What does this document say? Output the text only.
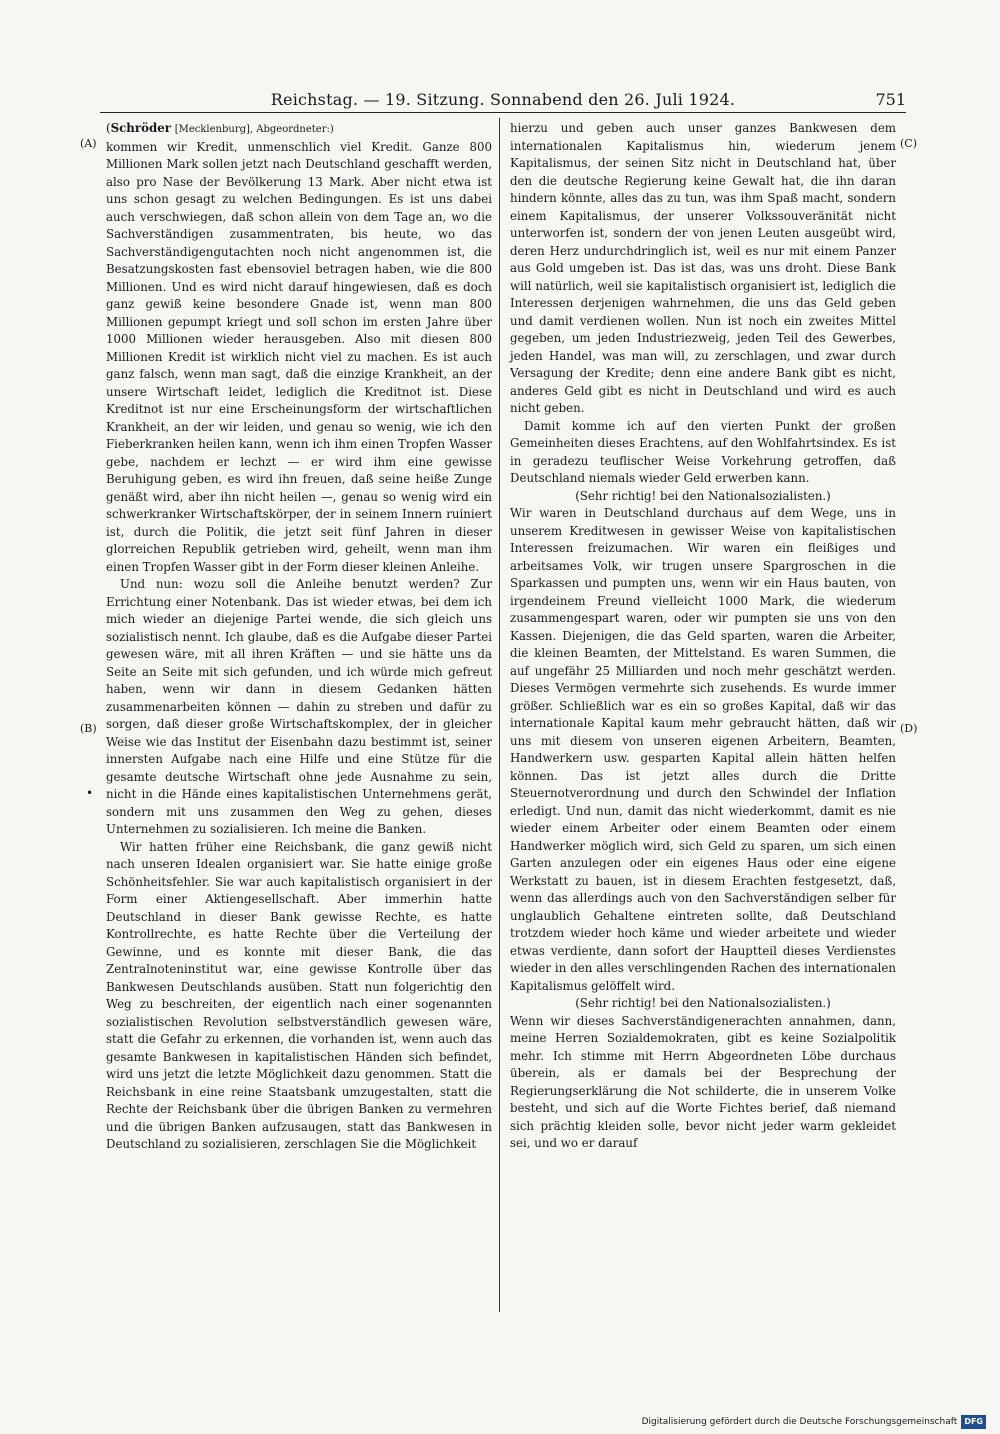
Reichstag. — 19. Sitzung. Sonnabend den 26. Juli 1924.	751
(A)
(B)
(C)
(D)
•

(Schröder [Mecklenburg], Abgeordneter:)

kommen wir Kredit, unmenschlich viel Kredit. Ganze 800 Millionen Mark sollen jetzt nach Deutschland geschafft werden, also pro Nase der Bevölkerung 13 Mark. Aber nicht etwa ist uns schon gesagt zu welchen Bedingungen. Es ist uns dabei auch verschwiegen, daß schon allein von dem Tage an, wo die Sachverständigen zusammentraten, bis heute, wo das Sachverständigengutachten noch nicht angenommen ist, die Besatzungskosten fast ebensoviel betragen haben, wie die 800 Millionen. Und es wird nicht darauf hingewiesen, daß es doch ganz gewiß keine besondere Gnade ist, wenn man 800 Millionen gepumpt kriegt und soll schon im ersten Jahre über 1000 Millionen wieder herausgeben. Also mit diesen 800 Millionen Kredit ist wirklich nicht viel zu machen. Es ist auch ganz falsch, wenn man sagt, daß die einzige Krankheit, an der unsere Wirtschaft leidet, lediglich die Kreditnot ist. Diese Kreditnot ist nur eine Erscheinungsform der wirtschaftlichen Krankheit, an der wir leiden, und genau so wenig, wie ich den Fieberkranken heilen kann, wenn ich ihm einen Tropfen Wasser gebe, nachdem er lechzt — er wird ihm eine gewisse Beruhigung geben, es wird ihn freuen, daß seine heiße Zunge genäßt wird, aber ihn nicht heilen —, genau so wenig wird ein schwerkranker Wirtschaftskörper, der in seinem Innern ruiniert ist, durch die Politik, die jetzt seit fünf Jahren in dieser glorreichen Republik getrieben wird, geheilt, wenn man ihm einen Tropfen Wasser gibt in der Form dieser kleinen Anleihe.

Und nun: wozu soll die Anleihe benutzt werden? Zur Errichtung einer Notenbank. Das ist wieder etwas, bei dem ich mich wieder an diejenige Partei wende, die sich gleich uns sozialistisch nennt. Ich glaube, daß es die Aufgabe dieser Partei gewesen wäre, mit all ihren Kräften — und sie hätte uns da Seite an Seite mit sich gefunden, und ich würde mich gefreut haben, wenn wir dann in diesem Gedanken hätten zusammenarbeiten können — dahin zu streben und dafür zu sorgen, daß dieser große Wirtschaftskomplex, der in gleicher Weise wie das Institut der Eisenbahn dazu bestimmt ist, seiner innersten Aufgabe nach eine Hilfe und eine Stütze für die gesamte deutsche Wirtschaft ohne jede Ausnahme zu sein, nicht in die Hände eines kapitalistischen Unternehmens gerät, sondern mit uns zusammen den Weg zu gehen, dieses Unternehmen zu sozialisieren. Ich meine die Banken.

Wir hatten früher eine Reichsbank, die ganz gewiß nicht nach unseren Idealen organisiert war. Sie hatte einige große Schönheitsfehler. Sie war auch kapitalistisch organisiert in der Form einer Aktiengesellschaft. Aber immerhin hatte Deutschland in dieser Bank gewisse Rechte, es hatte Kontrollrechte, es hatte Rechte über die Verteilung der Gewinne, und es konnte mit dieser Bank, die das Zentralnoteninstitut war, eine gewisse Kontrolle über das Bankwesen Deutschlands ausüben. Statt nun folgerichtig den Weg zu beschreiten, der eigentlich nach einer sogenannten sozialistischen Revolution selbstverständlich gewesen wäre, statt die Gefahr zu erkennen, die vorhanden ist, wenn auch das gesamte Bankwesen in kapitalistischen Händen sich befindet, wird uns jetzt die letzte Möglichkeit dazu genommen. Statt die Reichsbank in eine reine Staatsbank umzugestalten, statt die Rechte der Reichsbank über die übrigen Banken zu vermehren und die übrigen Banken aufzusaugen, statt das Bankwesen in Deutschland zu sozialisieren, zerschlagen Sie die Möglichkeit

hierzu und geben auch unser ganzes Bankwesen dem internationalen Kapitalismus hin, wiederum jenem Kapitalismus, der seinen Sitz nicht in Deutschland hat, über den die deutsche Regierung keine Gewalt hat, die ihn daran hindern könnte, alles das zu tun, was ihm Spaß macht, sondern einem Kapitalismus, der unserer Volkssouveränität nicht unterworfen ist, sondern der von jenen Leuten ausgeübt wird, deren Herz undurchdringlich ist, weil es nur mit einem Panzer aus Gold umgeben ist. Das ist das, was uns droht. Diese Bank will natürlich, weil sie kapitalistisch organisiert ist, lediglich die Interessen derjenigen wahrnehmen, die uns das Geld geben und damit verdienen wollen. Nun ist noch ein zweites Mittel gegeben, um jeden Industriezweig, jeden Teil des Gewerbes, jeden Handel, was man will, zu zerschlagen, und zwar durch Versagung der Kredite; denn eine andere Bank gibt es nicht, anderes Geld gibt es nicht in Deutschland und wird es auch nicht geben.

Damit komme ich auf den vierten Punkt der großen Gemeinheiten dieses Erachtens, auf den Wohlfahrtsindex. Es ist in geradezu teuflischer Weise Vorkehrung getroffen, daß Deutschland niemals wieder Geld erwerben kann.

(Sehr richtig! bei den Nationalsozialisten.)

Wir waren in Deutschland durchaus auf dem Wege, uns in unserem Kreditwesen in gewisser Weise von kapitalistischen Interessen freizumachen. Wir waren ein fleißiges und arbeitsames Volk, wir trugen unsere Spargroschen in die Sparkassen und pumpten uns, wenn wir ein Haus bauten, von irgendeinem Freund vielleicht 1000 Mark, die wiederum zusammengespart waren, oder wir pumpten sie uns von den Kassen. Diejenigen, die das Geld sparten, waren die Arbeiter, die kleinen Beamten, der Mittelstand. Es waren Summen, die auf ungefähr 25 Milliarden und noch mehr geschätzt werden. Dieses Vermögen vermehrte sich zusehends. Es wurde immer größer. Schließlich war es ein so großes Kapital, daß wir das internationale Kapital kaum mehr gebraucht hätten, daß wir uns mit diesem von unseren eigenen Arbeitern, Beamten, Handwerkern usw. gesparten Kapital allein hätten helfen können. Das ist jetzt alles durch die Dritte Steuernotverordnung und durch den Schwindel der Inflation erledigt. Und nun, damit das nicht wiederkommt, damit es nie wieder einem Arbeiter oder einem Beamten oder einem Handwerker möglich wird, sich Geld zu sparen, um sich einen Garten anzulegen oder ein eigenes Haus oder eine eigene Werkstatt zu bauen, ist in diesem Erachten festgesetzt, daß, wenn das allerdings auch von den Sachverständigen selber für unglaublich Gehaltene eintreten sollte, daß Deutschland trotzdem wieder hoch käme und wieder arbeitete und wieder etwas verdiente, dann sofort der Hauptteil dieses Verdienstes wieder in den alles verschlingenden Rachen des internationalen Kapitalismus gelöffelt wird.

(Sehr richtig! bei den Nationalsozialisten.)

Wenn wir dieses Sachverständigenerachten annahmen, dann, meine Herren Sozialdemokraten, gibt es keine Sozialpolitik mehr. Ich stimme mit Herrn Abgeordneten Löbe durchaus überein, als er damals bei der Besprechung der Regierungserklärung die Not schilderte, die in unserem Volke besteht, und sich auf die Worte Fichtes berief, daß niemand sich prächtig kleiden solle, bevor nicht jeder warm gekleidet sei, und wo er darauf

Digitalisierung gefördert durch die Deutsche Forschungsgemeinschaft DFG
